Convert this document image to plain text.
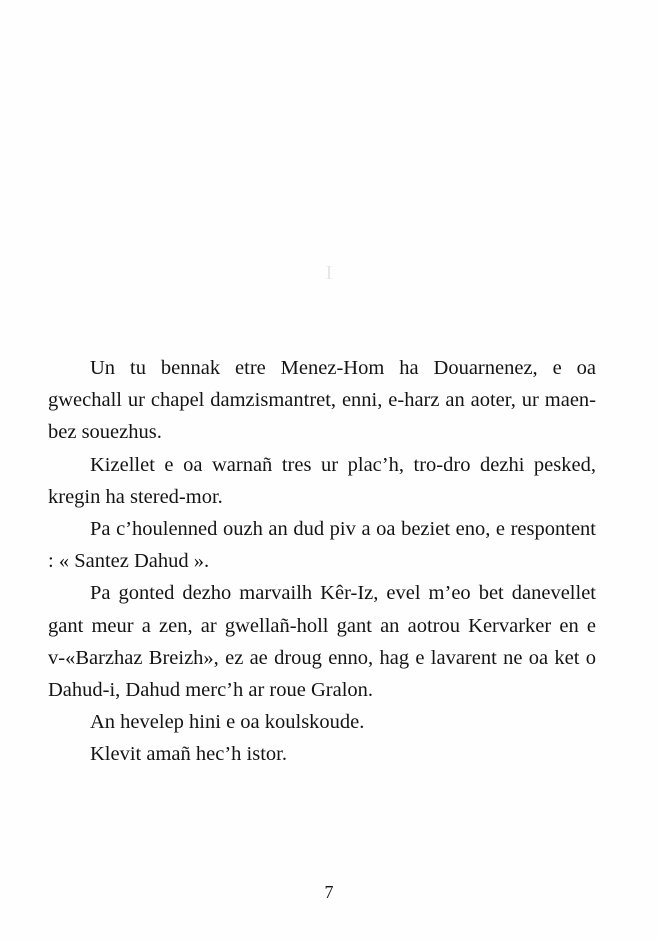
I

Un tu bennak etre Menez-Hom ha Douarnenez, e oa gwechall ur chapel damzismantret, enni, e-harz an aoter, ur maen-bez souezhus.

Kizellet e oa warnañ tres ur plac’h, tro-dro dezhi pesked, kregin ha stered-mor.

Pa c’houlenned ouzh an dud piv a oa beziet eno, e respontent : « Santez Dahud ».

Pa gonted dezho marvailh Kêr-Iz, evel m’eo bet danevellet gant meur a zen, ar gwellañ-holl gant an aotrou Kervarker en e v-«Barzhaz Breizh», ez ae droug enno, hag e lavarent ne oa ket o Dahud-i, Dahud merc’h ar roue Gralon.

An hevelep hini e oa koulskoude.

Klevit amañ hec’h istor.

7
